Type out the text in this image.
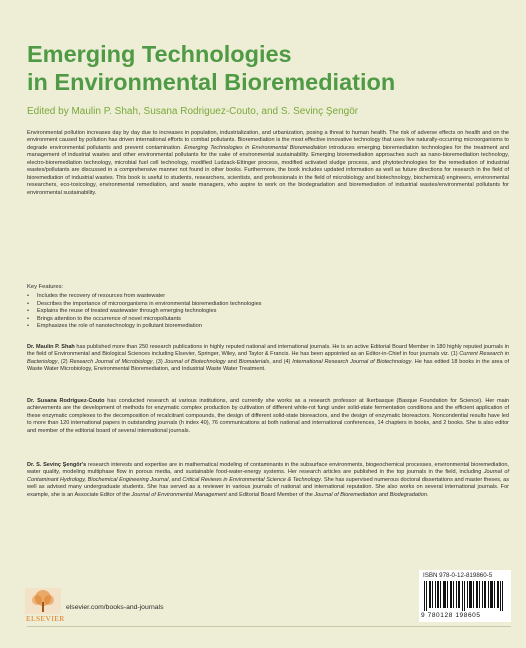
Emerging Technologies
in Environmental Bioremediation
Edited by Maulin P. Shah, Susana Rodriguez-Couto, and S. Sevinç Şengör

Environmental pollution increases day by day due to increases in population, industrialization, and urbanization, posing a threat to human health. The risk of adverse effects on health and on the environment caused by pollution has driven international efforts to combat pollutants. Bioremediation is the most effective innovative technology that uses live naturally-occurring microorganisms to degrade environmental pollutants and prevent contamination. Emerging Technologies in Environmental Bioremediation introduces emerging bioremediation technologies for the treatment and management of industrial wastes and other environmental pollutants for the sake of environmental sustainability. Emerging bioremediation approaches such as nano-bioremediation technology, electro-bioremediation technology, microbial fuel cell technology, modified Ludzack-Ettinger process, modified activated sludge process, and phytotechnologies for the remediation of industrial wastes/pollutants are discussed in a comprehensive manner not found in other books. Furthermore, the book includes updated information as well as future directions for research in the field of bioremediation of industrial wastes. This book is useful to students, researchers, scientists, and professionals in the field of microbiology and biotechnology, biochemical) engineers, environmental researchers, eco-toxicology, environmental remediation, and waste managers, who aspire to work on the biodegradation and bioremediation of industrial wastes/environmental pollutants for environmental sustainability.

Key Features:
• Includes the recovery of resources from wastewater
• Describes the importance of microorganisms in environmental bioremediation technologies
• Explains the reuse of treated wastewater through emerging technologies
• Brings attention to the occurrence of novel micropollutants
• Emphasizes the role of nanotechnology in pollutant bioremediation

Dr. Maulin P. Shah has published more than 250 research publications in highly reputed national and international journals. He is an active Editorial Board Member in 180 highly reputed journals in the field of Environmental and Biological Sciences including Elsevier, Springer, Wiley, and Taylor & Francis. He has been appointed as an Editor-in-Chief in four journals viz. (1) Current Research in Bacteriology, (2) Research Journal of Microbiology, (3) Journal of Biotechnology and Biomaterials, and (4) International Research Journal of Biotechnology. He has edited 18 books in the area of Waste Water Microbiology, Environmental Bioremediation, and Industrial Waste Water Treatment.

Dr. Susana Rodriguez-Couto has conducted research at various institutions, and currently she works as a research professor at Ikerbasque (Basque Foundation for Science). Her main achievements are the development of methods for enzymatic complex production by cultivation of different white-rot fungi under solid-state fermentation conditions and the efficient application of these enzymatic complexes to the decomposition of recalcitrant compounds, the design of different solid-state bioreactors, and the design of enzymatic bioreactors. Noncondential results have led to more than 120 international papers in outstanding journals (h index 40), 76 communications at both national and international conferences, 14 chapters in books, and 2 books. She is also editor and member of the editorial board of several international journals.

Dr. S. Sevinç Şengör's research interests and expertise are in mathematical modeling of contaminants in the subsurface environments, biogeochemical processes, environmental bioremediation, water quality, modeling multiphase flow in porous media, and sustainable food-water-energy systems. Her research articles are published in the top journals in the field, including Journal of Contaminant Hydrology, Biochemical Engineering Journal, and Critical Reviews in Environmental Science & Technology. She has supervised numerous doctoral dissertations and master theses, as well as advised many undergraduate students. She has served as a reviewer in various journals of national and international reputation. She also works on several international journals. For example, she is an Associate Editor of the Journal of Environmental Management and Editorial Board Member of the Journal of Bioremediation and Biodegradation.

ISBN 978-0-12-819860-5
9 780128 198605
ELSEVIER
elsevier.com/books-and-journals
